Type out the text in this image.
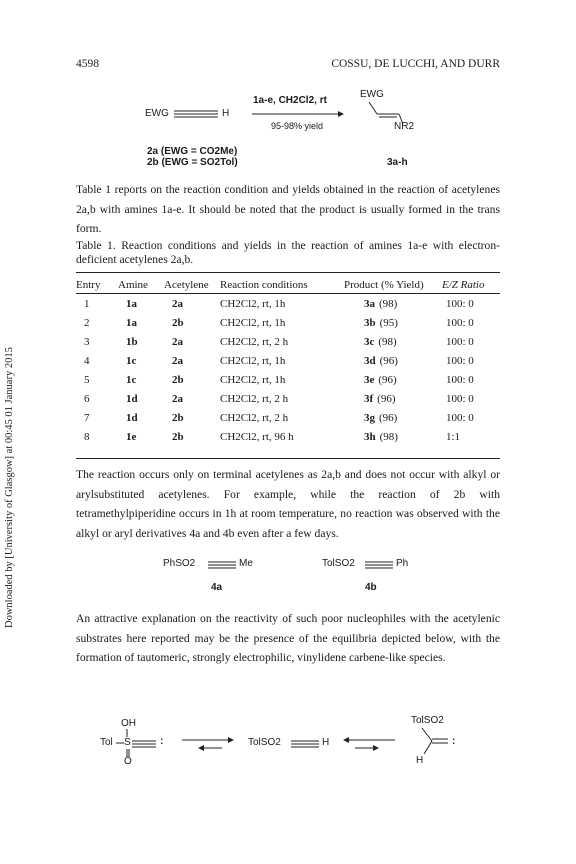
4598	COSSU, DE LUCCHI, AND DURR
Downloaded by [University of Glasgow] at 00:45 01 January 2015
EWG	H
1a-e, CH2Cl2, rt
95-98% yield
EWG
NR2
2a (EWG = CO2Me)
2b (EWG = SO2Tol)	3a-h
Table 1 reports on the reaction condition and yields obtained in the reaction of acetylenes 2a,b with amines 1a-e. It should be noted that the product is usually formed in the trans form.
Table 1. Reaction conditions and yields in the reaction of amines 1a-e with electron-deficient acetylenes 2a,b.
Entry	Amine	Acetylene	Reaction conditions	Product (% Yield)	E/Z Ratio
1	1a	2a	CH2Cl2, rt, 1h	3a (98)	100: 0
2	1a	2b	CH2Cl2, rt, 1h	3b (95)	100: 0
3	1b	2a	CH2Cl2, rt, 2 h	3c (98)	100: 0
4	1c	2a	CH2Cl2, rt, 1h	3d (96)	100: 0
5	1c	2b	CH2Cl2, rt, 1h	3e (96)	100: 0
6	1d	2a	CH2Cl2, rt, 2 h	3f (96)	100: 0
7	1d	2b	CH2Cl2, rt, 2 h	3g (96)	100: 0
8	1e	2b	CH2Cl2, rt, 96 h	3h (98)	1:1
The reaction occurs only on terminal acetylenes as 2a,b and does not occur with alkyl or arylsubstituted acetylenes. For example, while the reaction of 2b with tetramethylpiperidine occurs in 1h at room temperature, no reaction was observed with the alkyl or aryl derivatives 4a and 4b even after a few days.
PhSO2	Me
4a
TolSO2	Ph
4b
An attractive explanation on the reactivity of such poor nucleophiles with the acetylenic substrates here reported may be the presence of the equilibria depicted below, with the formation of tautomeric, strongly electrophilic, vinylidene carbene-like species.
OH
Tol S	:
O
TolSO2	H
TolSO2
:
H
